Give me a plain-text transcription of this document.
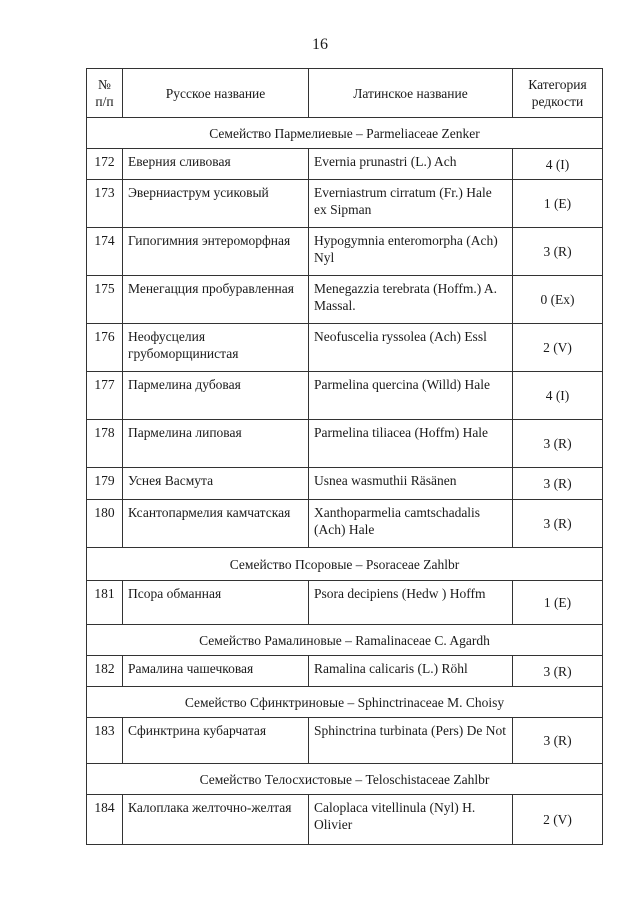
16
№ п/п	Русское название	Латинское название	Категория редкости
Семейство Пармелиевые – Parmeliaceae Zenker			
172	Еверния сливовая	Evernia prunastri (L.) Ach	4 (I)
173	Эверниаструм усиковый	Everniastrum cirratum (Fr.) Hale ex Sipman	1 (E)
174	Гипогимния энтероморфная	Hypogymnia enteromorpha (Ach) Nyl	3 (R)
175	Менегацция пробуравленная	Menegazzia terebrata (Hoffm.) A. Massal.	0 (Ex)
176	Неофусцелия грубоморщинистая	Neofuscelia ryssolea (Ach) Essl	2 (V)
177	Пармелина дубовая	Parmelina quercina (Willd) Hale	4 (I)
178	Пармелина липовая	Parmelina tiliacea (Hoffm) Hale	3 (R)
179	Уснея Васмута	Usnea wasmuthii Räsänen	3 (R)
180	Ксантопармелия камчатская	Xanthoparmelia camtschadalis (Ach) Hale	3 (R)
Семейство Псоровые – Psoraceae Zahlbr			
181	Псора обманная	Psora decipiens (Hedw ) Hoffm	1 (E)
Семейство Рамалиновые – Ramalinaceae C. Agardh			
182	Рамалина чашечковая	Ramalina calicaris (L.) Röhl	3 (R)
Семейство Сфинктриновые – Sphinctrinaceae M. Choisy			
183	Сфинктрина кубарчатая	Sphinctrina turbinata (Pers) De Not	3 (R)
Семейство Телосхистовые – Teloschistaceae Zahlbr			
184	Калоплака желточно-желтая	Caloplaca vitellinula (Nyl) H. Olivier	2 (V)
